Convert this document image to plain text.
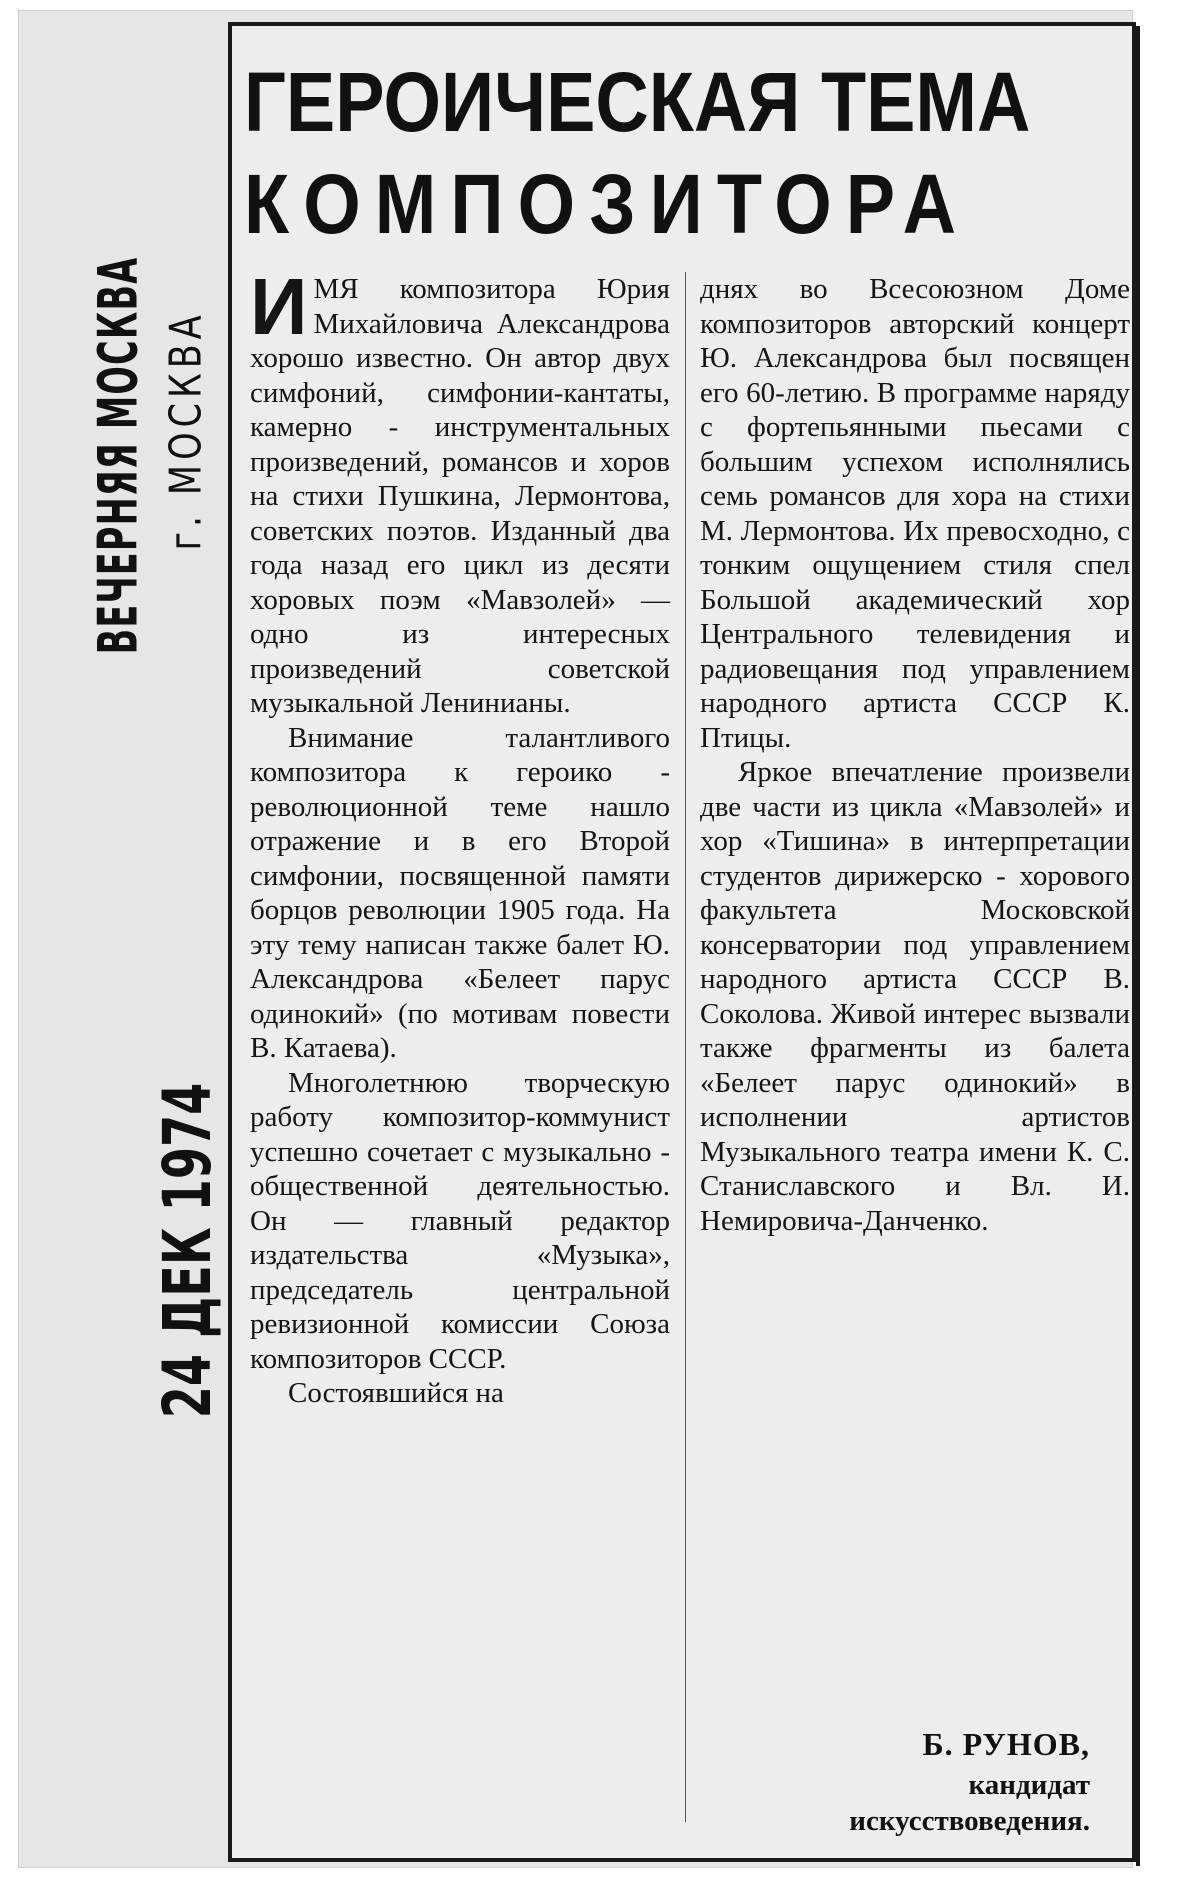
ВЕЧЕРНЯЯ МОСКВА г. МОСКВА
24 ДЕК 1974
ГЕРОИЧЕСКАЯ ТЕМА
КОМПОЗИТОРА

ИМЯ композитора Юрия Михайловича Александрова хорошо известно. Он автор двух симфоний, симфонии-кантаты, камерно - инструментальных произведений, романсов и хоров на стихи Пушкина, Лермонтова, советских поэтов. Изданный два года назад его цикл из десяти хоровых поэм «Мавзолей» — одно из интересных произведений советской музыкальной Ленинианы.

Внимание талантливого композитора к героико - революционной теме нашло отражение и в его Второй симфонии, посвященной памяти борцов революции 1905 года. На эту тему написан также балет Ю. Александрова «Белеет парус одинокий» (по мотивам повести В. Катаева).

Многолетнюю творческую работу композитор-коммунист успешно сочетает с музыкально - общественной деятельностью. Он — главный редактор издательства «Музыка», председатель центральной ревизионной комиссии Союза композиторов СССР.

Состоявшийся на

днях во Всесоюзном Доме композиторов авторский концерт Ю. Александрова был посвящен его 60-летию. В программе наряду с фортепьянными пьесами с большим успехом исполнялись семь романсов для хора на стихи М. Лермонтова. Их превосходно, с тонким ощущением стиля спел Большой академический хор Центрального телевидения и радиовещания под управлением народного артиста СССР К. Птицы.

Яркое впечатление произвели две части из цикла «Мавзолей» и хор «Тишина» в интерпретации студентов дирижерско - хорового факультета Московской консерватории под управлением народного артиста СССР В. Соколова. Живой интерес вызвали также фрагменты из балета «Белеет парус одинокий» в исполнении артистов Музыкального театра имени К. С. Станиславского и Вл. И. Немировича-Данченко.

Б. РУНОВ,
кандидат искусствоведения.
